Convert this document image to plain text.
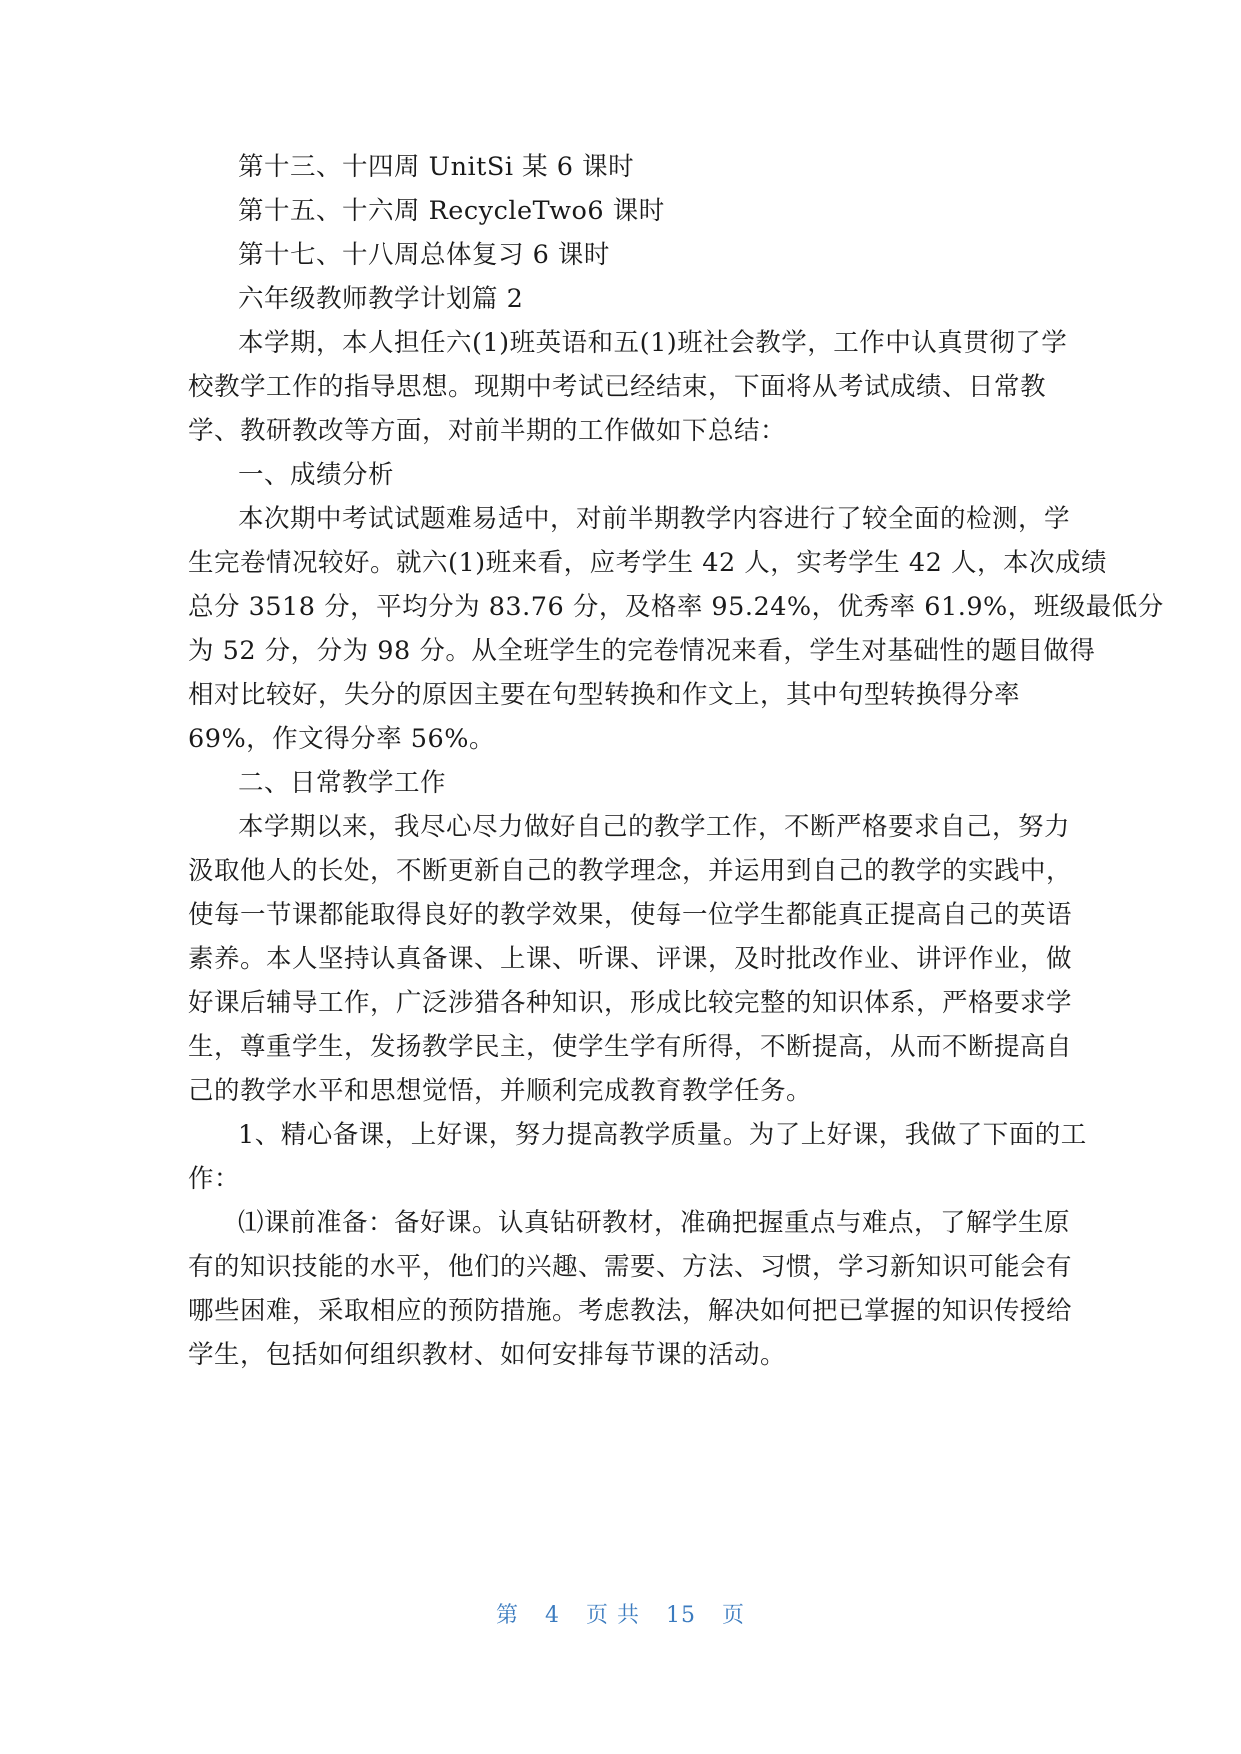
第十三、十四周 UnitSi 某 6 课时
第十五、十六周 RecycleTwo6 课时
第十七、十八周总体复习 6 课时
六年级教师教学计划篇 2
本学期，本人担任六(1)班英语和五(1)班社会教学，工作中认真贯彻了学
校教学工作的指导思想。现期中考试已经结束，下面将从考试成绩、日常教
学、教研教改等方面，对前半期的工作做如下总结：
一、成绩分析
本次期中考试试题难易适中，对前半期教学内容进行了较全面的检测，学
生完卷情况较好。就六(1)班来看，应考学生 42 人，实考学生 42 人，本次成绩
总分 3518 分，平均分为 83.76 分，及格率 95.24%，优秀率 61.9%，班级最低分
为 52 分，分为 98 分。从全班学生的完卷情况来看，学生对基础性的题目做得
相对比较好，失分的原因主要在句型转换和作文上，其中句型转换得分率
69%，作文得分率 56%。
二、日常教学工作
本学期以来，我尽心尽力做好自己的教学工作，不断严格要求自己，努力
汲取他人的长处，不断更新自己的教学理念，并运用到自己的教学的实践中，
使每一节课都能取得良好的教学效果，使每一位学生都能真正提高自己的英语
素养。本人坚持认真备课、上课、听课、评课，及时批改作业、讲评作业，做
好课后辅导工作，广泛涉猎各种知识，形成比较完整的知识体系，严格要求学
生，尊重学生，发扬教学民主，使学生学有所得，不断提高，从而不断提高自
己的教学水平和思想觉悟，并顺利完成教育教学任务。
1、精心备课，上好课，努力提高教学质量。为了上好课，我做了下面的工
作：
⑴课前准备：备好课。认真钻研教材，准确把握重点与难点，了解学生原
有的知识技能的水平，他们的兴趣、需要、方法、习惯，学习新知识可能会有
哪些困难，采取相应的预防措施。考虑教法，解决如何把已掌握的知识传授给
学生，包括如何组织教材、如何安排每节课的活动。
第 4 页 共 15 页
